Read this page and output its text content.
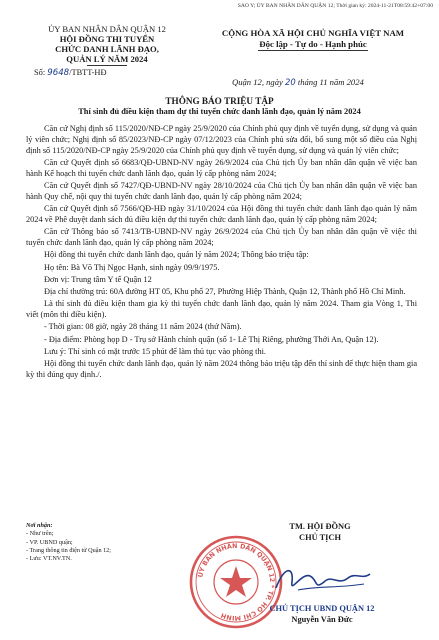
SAO Y; ỦY BAN NHÂN DÂN QUẬN 12; Thời gian ký: 2024-11-21T08:59:42+07:00
ỦY BAN NHÂN DÂN QUẬN 12
HỘI ĐỒNG THI TUYỂN
CHỨC DANH LÃNH ĐẠO,
QUẢN LÝ NĂM 2024
Số: 9648/TBTT-HĐ
CỘNG HÒA XÃ HỘI CHỦ NGHĨA VIỆT NAM
Độc lập - Tự do - Hạnh phúc
Quận 12, ngày 20 tháng 11 năm 2024
THÔNG BÁO TRIỆU TẬP
Thí sinh đủ điều kiện tham dự thi tuyển chức danh lãnh đạo, quản lý năm 2024

Căn cứ Nghị định số 115/2020/NĐ-CP ngày 25/9/2020 của Chính phủ quy định về tuyển dụng, sử dụng và quản lý viên chức; Nghị định số 85/2023/NĐ-CP ngày 07/12/2023 của Chính phủ sửa đổi, bổ sung một số điều của Nghị định số 115/2020/NĐ-CP ngày 25/9/2020 của Chính phủ quy định về tuyển dụng, sử dụng và quản lý viên chức;

Căn cứ Quyết định số 6683/QĐ-UBND-NV ngày 26/9/2024 của Chủ tịch Ủy ban nhân dân quận về việc ban hành Kế hoạch thi tuyển chức danh lãnh đạo, quản lý cấp phòng năm 2024;

Căn cứ Quyết định số 7427/QĐ-UBND-NV ngày 28/10/2024 của Chủ tịch Ủy ban nhân dân quận về việc ban hành Quy chế, nội quy thi tuyển chức danh lãnh đạo, quản lý cấp phòng năm 2024;

Căn cứ Quyết định số 7566/QĐ-HĐ ngày 31/10/2024 của Hội đồng thi tuyển chức danh lãnh đạo quản lý năm 2024 về Phê duyệt danh sách đủ điều kiện dự thi tuyển chức danh lãnh đạo, quản lý cấp phòng năm 2024;

Căn cứ Thông báo số 7413/TB-UBND-NV ngày 26/9/2024 của Chủ tịch Ủy ban nhân dân quận về việc thi tuyển chức danh lãnh đạo, quản lý cấp phòng năm 2024;

Hội đồng thi tuyển chức danh lãnh đạo, quản lý năm 2024; Thông báo triệu tập:

Họ tên: Bà Võ Thị Ngọc Hạnh, sinh ngày 09/9/1975.

Đơn vị: Trung tâm Y tế Quận 12

Địa chỉ thường trú: 60A đường HT 05, Khu phố 27, Phường Hiệp Thành, Quận 12, Thành phố Hồ Chí Minh.

Là thí sinh đủ điều kiện tham gia kỳ thi tuyển chức danh lãnh đạo, quản lý năm 2024. Tham gia Vòng 1, Thi viết (môn thi điều kiện).

- Thời gian: 08 giờ, ngày 28 tháng 11 năm 2024 (thứ Năm).

- Địa điểm: Phòng họp D - Trụ sở Hành chính quận (số 1- Lê Thị Riêng, phường Thới An, Quận 12).

Lưu ý: Thí sinh có mặt trước 15 phút để làm thủ tục vào phòng thi.

Hội đồng thi tuyển chức danh lãnh đạo, quản lý năm 2024 thông báo triệu tập đến thí sinh để thực hiện tham gia kỳ thi đúng quy định./.

Nơi nhận:
- Như trên;
- VP. UBND quận;
- Trang thông tin điện tử Quận 12;
- Lưu: VT.NV.TN.
ỦY BAN NHÂN DÂN QUẬN 12 * TP. HỒ CHÍ MINH
TM. HỘI ĐỒNG
CHỦ TỊCH
CHỦ TỊCH UBND QUẬN 12
Nguyễn Văn Đức
